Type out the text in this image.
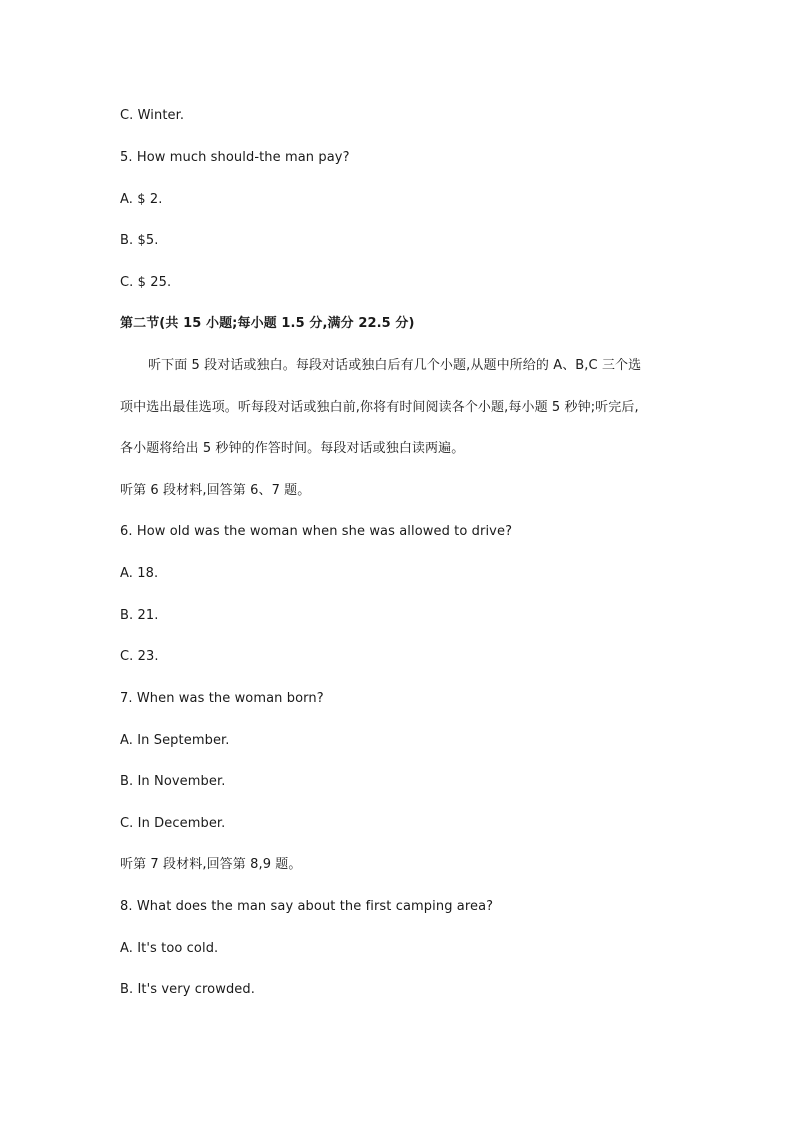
C. Winter.
5. How much should-the man pay?
A. $ 2.
B. $5.
C. $ 25.
第二节(共 15 小题;每小题 1.5 分,满分 22.5 分)
听下面 5 段对话或独白。每段对话或独白后有几个小题,从题中所给的 A、B,C 三个选
项中选出最佳选项。听每段对话或独白前,你将有时间阅读各个小题,每小题 5 秒钟;听完后,
各小题将给出 5 秒钟的作答时间。每段对话或独白读两遍。
听第 6 段材料,回答第 6、7 题。
6. How old was the woman when she was allowed to drive?
A. 18.
B. 21.
C. 23.
7. When was the woman born?
A. In September.
B. In November.
C. In December.
听第 7 段材料,回答第 8,9 题。
8. What does the man say about the first camping area?
A. It's too cold.
B. It's very crowded.
